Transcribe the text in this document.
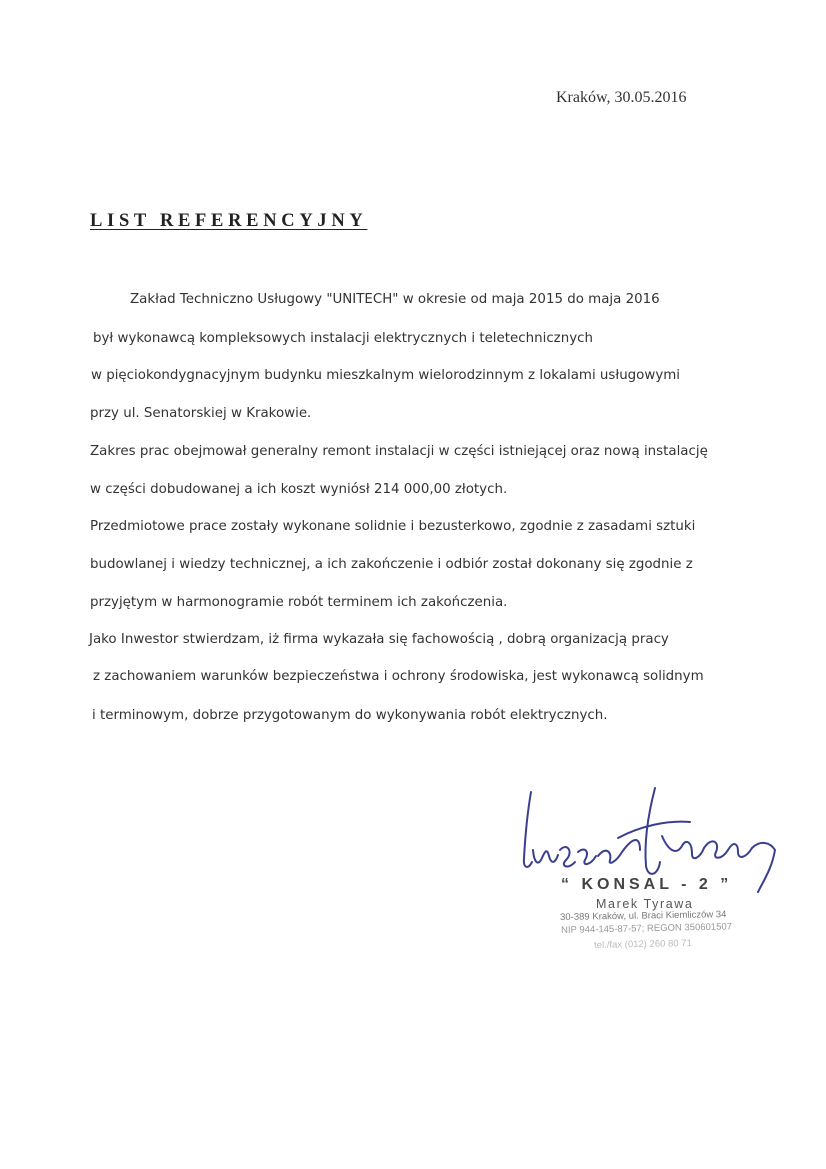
Kraków, 30.05.2016
LIST REFERENCYJNY
Zakład Techniczno Usługowy "UNITECH" w okresie od maja 2015 do maja 2016
był wykonawcą kompleksowych instalacji elektrycznych i teletechnicznych
w pięciokondygnacyjnym budynku mieszkalnym wielorodzinnym z lokalami usługowymi
przy ul. Senatorskiej w Krakowie.
Zakres prac obejmował generalny remont instalacji w części istniejącej oraz nową instalację
w części dobudowanej a ich koszt wyniósł 214 000,00 złotych.
Przedmiotowe prace zostały wykonane solidnie i bezusterkowo, zgodnie z zasadami sztuki
budowlanej i wiedzy technicznej, a ich zakończenie i odbiór został dokonany się zgodnie z
przyjętym w harmonogramie robót terminem ich zakończenia.
Jako Inwestor stwierdzam, iż firma wykazała się fachowością , dobrą organizacją pracy
z zachowaniem warunków bezpieczeństwa i ochrony środowiska, jest wykonawcą solidnym
i terminowym, dobrze przygotowanym do wykonywania robót elektrycznych.
“ KONSAL - 2 ”
Marek Tyrawa
30-389 Kraków, ul. Braci Kiemliczów 34
NIP 944-145-87-57; REGON 350601507
tel./fax (012) 260 80 71
